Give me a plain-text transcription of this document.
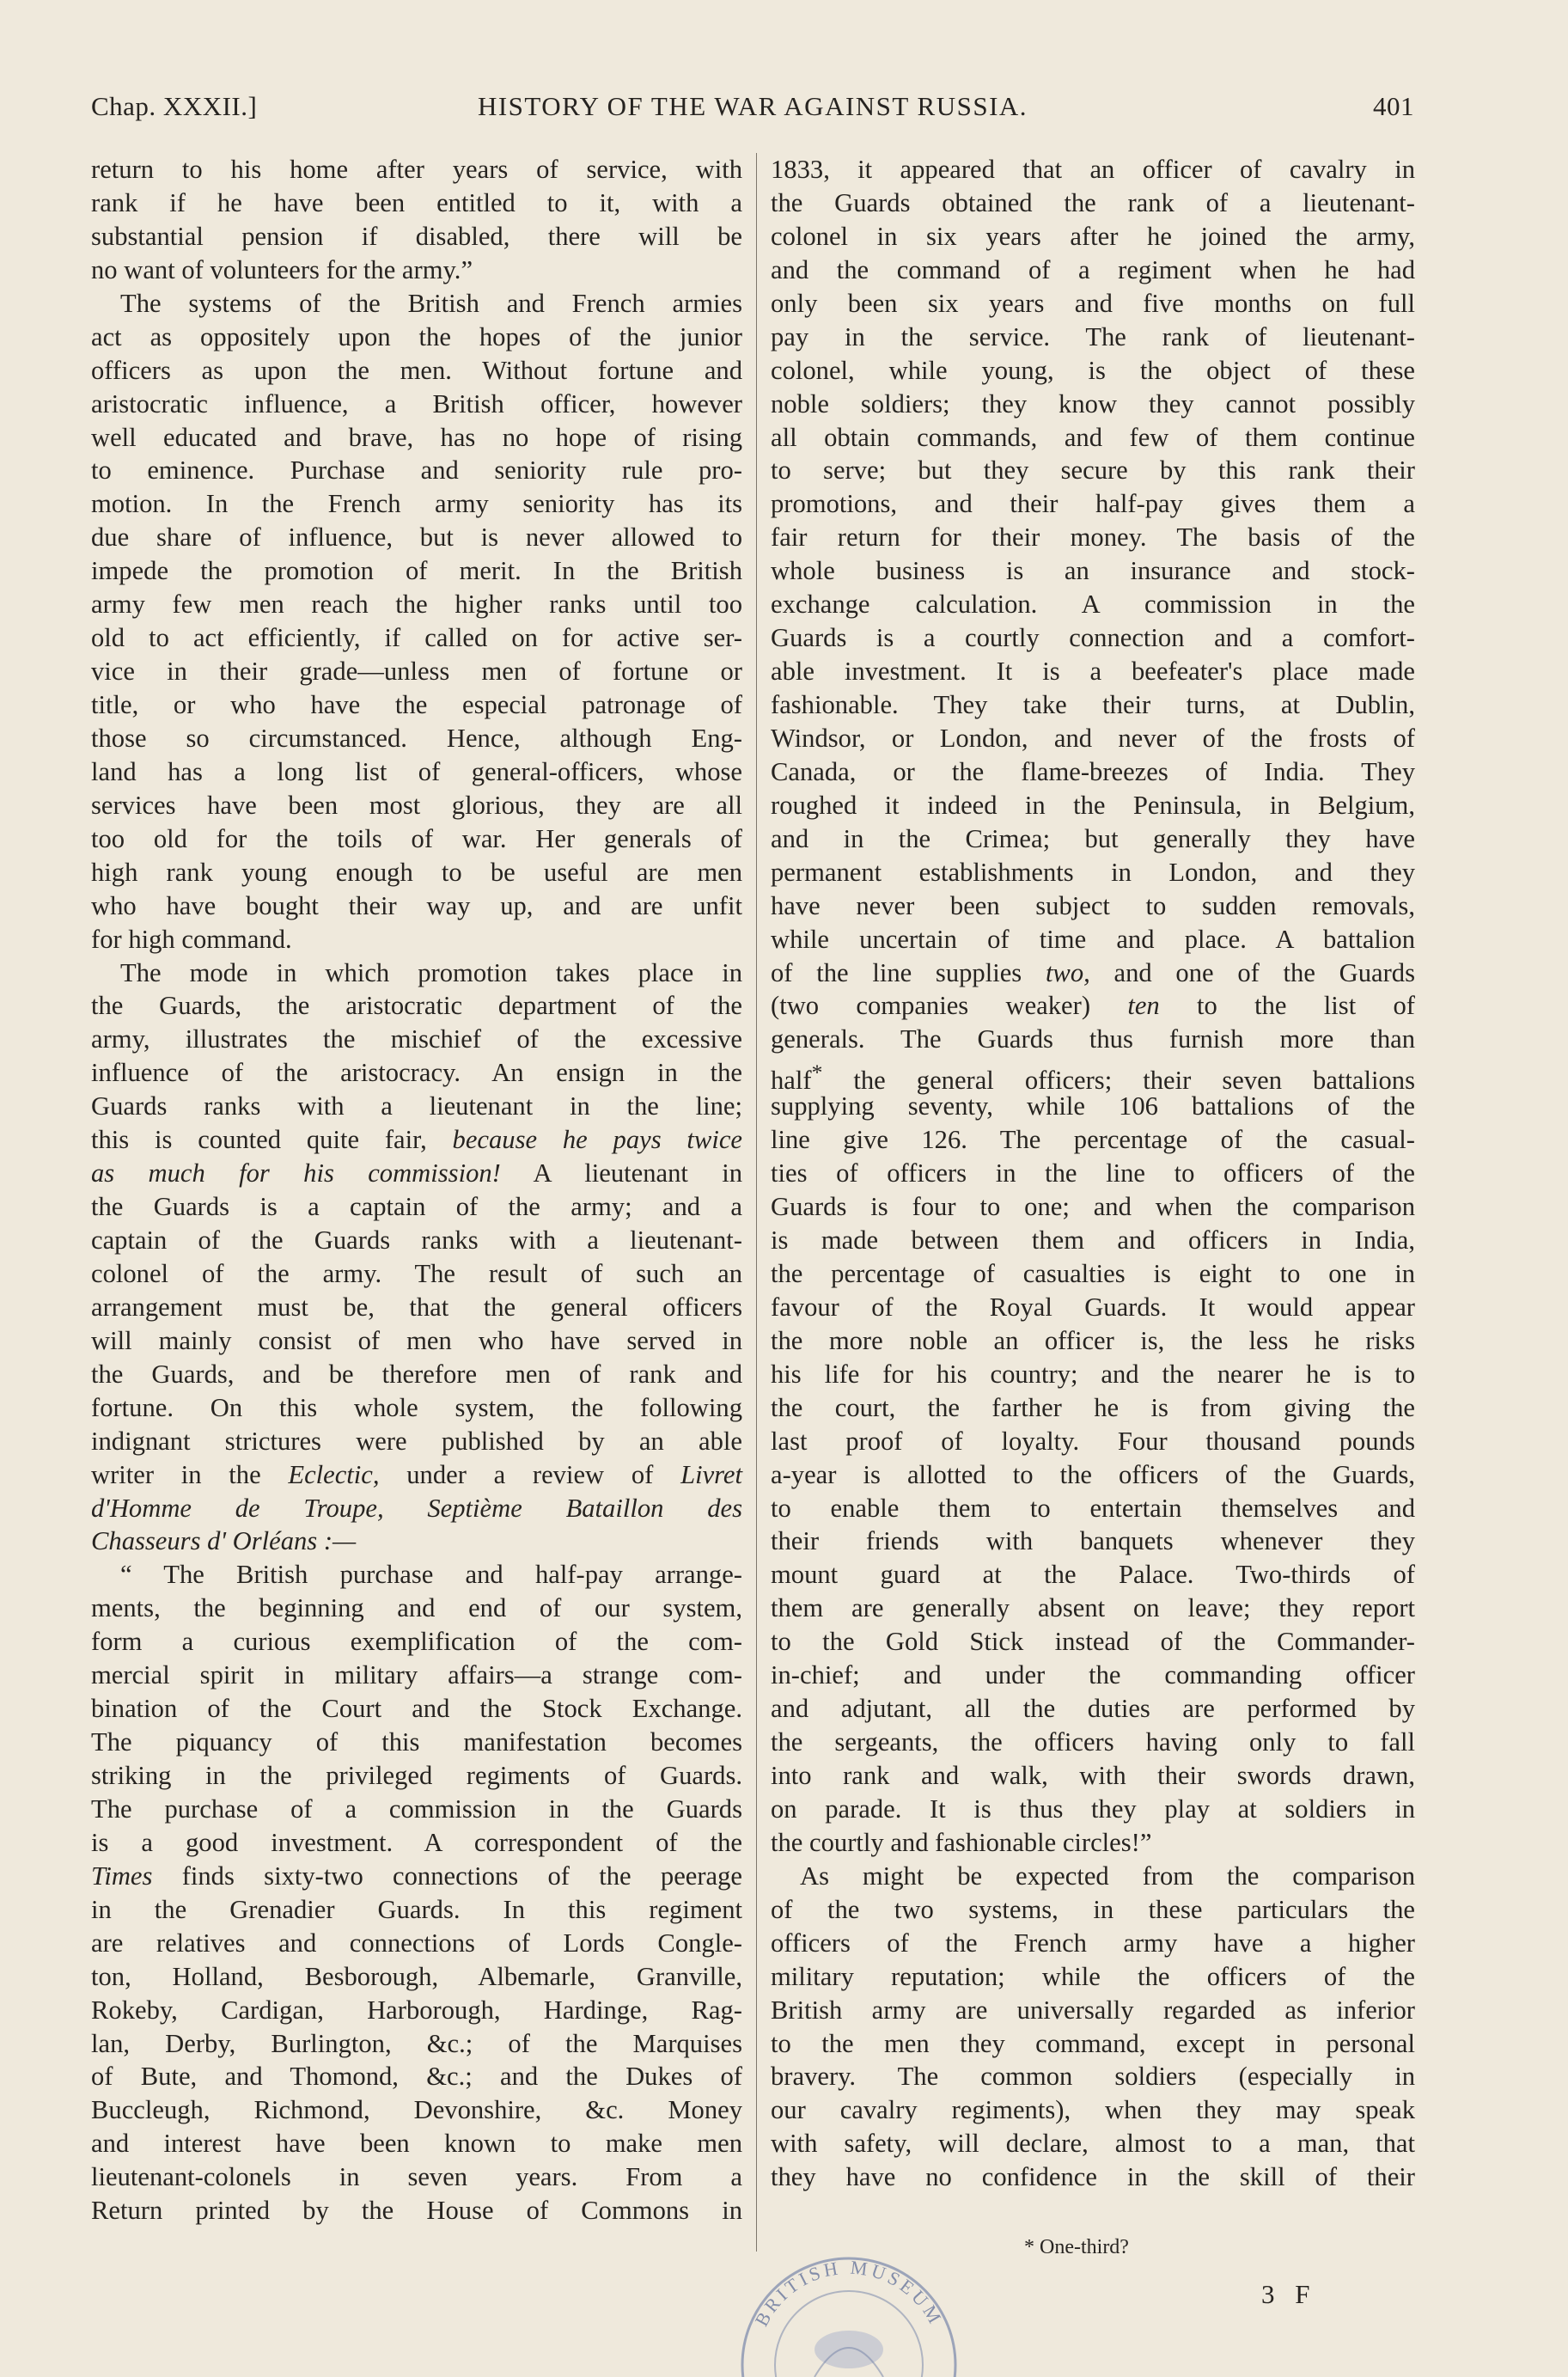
Chap. XXXII.]	HISTORY OF THE WAR AGAINST RUSSIA.	401
return to his home after years of service, with
rank if he have been entitled to it, with a
substantial pension if disabled, there will be
no want of volunteers for the army.”
The systems of the British and French armies
act as oppositely upon the hopes of the junior
officers as upon the men. Without fortune and
aristocratic influence, a British officer, however
well educated and brave, has no hope of rising
to eminence. Purchase and seniority rule pro-
motion. In the French army seniority has its
due share of influence, but is never allowed to
impede the promotion of merit. In the British
army few men reach the higher ranks until too
old to act efficiently, if called on for active ser-
vice in their grade—unless men of fortune or
title, or who have the especial patronage of
those so circumstanced. Hence, although Eng-
land has a long list of general-officers, whose
services have been most glorious, they are all
too old for the toils of war. Her generals of
high rank young enough to be useful are men
who have bought their way up, and are unfit
for high command.
The mode in which promotion takes place in
the Guards, the aristocratic department of the
army, illustrates the mischief of the excessive
influence of the aristocracy. An ensign in the
Guards ranks with a lieutenant in the line;
this is counted quite fair, because he pays twice
as much for his commission! A lieutenant in
the Guards is a captain of the army; and a
captain of the Guards ranks with a lieutenant-
colonel of the army. The result of such an
arrangement must be, that the general officers
will mainly consist of men who have served in
the Guards, and be therefore men of rank and
fortune. On this whole system, the following
indignant strictures were published by an able
writer in the Eclectic, under a review of Livret
d'Homme de Troupe, Septième Bataillon des
Chasseurs d' Orléans :—
“ The British purchase and half-pay arrange-
ments, the beginning and end of our system,
form a curious exemplification of the com-
mercial spirit in military affairs—a strange com-
bination of the Court and the Stock Exchange.
The piquancy of this manifestation becomes
striking in the privileged regiments of Guards.
The purchase of a commission in the Guards
is a good investment. A correspondent of the
Times finds sixty-two connections of the peerage
in the Grenadier Guards. In this regiment
are relatives and connections of Lords Congle-
ton, Holland, Besborough, Albemarle, Granville,
Rokeby, Cardigan, Harborough, Hardinge, Rag-
lan, Derby, Burlington, &c.; of the Marquises
of Bute, and Thomond, &c.; and the Dukes of
Buccleugh, Richmond, Devonshire, &c. Money
and interest have been known to make men
lieutenant-colonels in seven years. From a
Return printed by the House of Commons in
1833, it appeared that an officer of cavalry in
the Guards obtained the rank of a lieutenant-
colonel in six years after he joined the army,
and the command of a regiment when he had
only been six years and five months on full
pay in the service. The rank of lieutenant-
colonel, while young, is the object of these
noble soldiers; they know they cannot possibly
all obtain commands, and few of them continue
to serve; but they secure by this rank their
promotions, and their half-pay gives them a
fair return for their money. The basis of the
whole business is an insurance and stock-
exchange calculation. A commission in the
Guards is a courtly connection and a comfort-
able investment. It is a beefeater's place made
fashionable. They take their turns, at Dublin,
Windsor, or London, and never of the frosts of
Canada, or the flame-breezes of India. They
roughed it indeed in the Peninsula, in Belgium,
and in the Crimea; but generally they have
permanent establishments in London, and they
have never been subject to sudden removals,
while uncertain of time and place. A battalion
of the line supplies two, and one of the Guards
(two companies weaker) ten to the list of
generals. The Guards thus furnish more than
half* the general officers; their seven battalions
supplying seventy, while 106 battalions of the
line give 126. The percentage of the casual-
ties of officers in the line to officers of the
Guards is four to one; and when the comparison
is made between them and officers in India,
the percentage of casualties is eight to one in
favour of the Royal Guards. It would appear
the more noble an officer is, the less he risks
his life for his country; and the nearer he is to
the court, the farther he is from giving the
last proof of loyalty. Four thousand pounds
a-year is allotted to the officers of the Guards,
to enable them to entertain themselves and
their friends with banquets whenever they
mount guard at the Palace. Two-thirds of
them are generally absent on leave; they report
to the Gold Stick instead of the Commander-
in-chief; and under the commanding officer
and adjutant, all the duties are performed by
the sergeants, the officers having only to fall
into rank and walk, with their swords drawn,
on parade. It is thus they play at soldiers in
the courtly and fashionable circles!”
As might be expected from the comparison
of the two systems, in these particulars the
officers of the French army have a higher
military reputation; while the officers of the
British army are universally regarded as inferior
to the men they command, except in personal
bravery. The common soldiers (especially in
our cavalry regiments), when they may speak
with safety, will declare, almost to a man, that
they have no confidence in the skill of their
* One-third?
3 F
BRITISH MUSEUM
